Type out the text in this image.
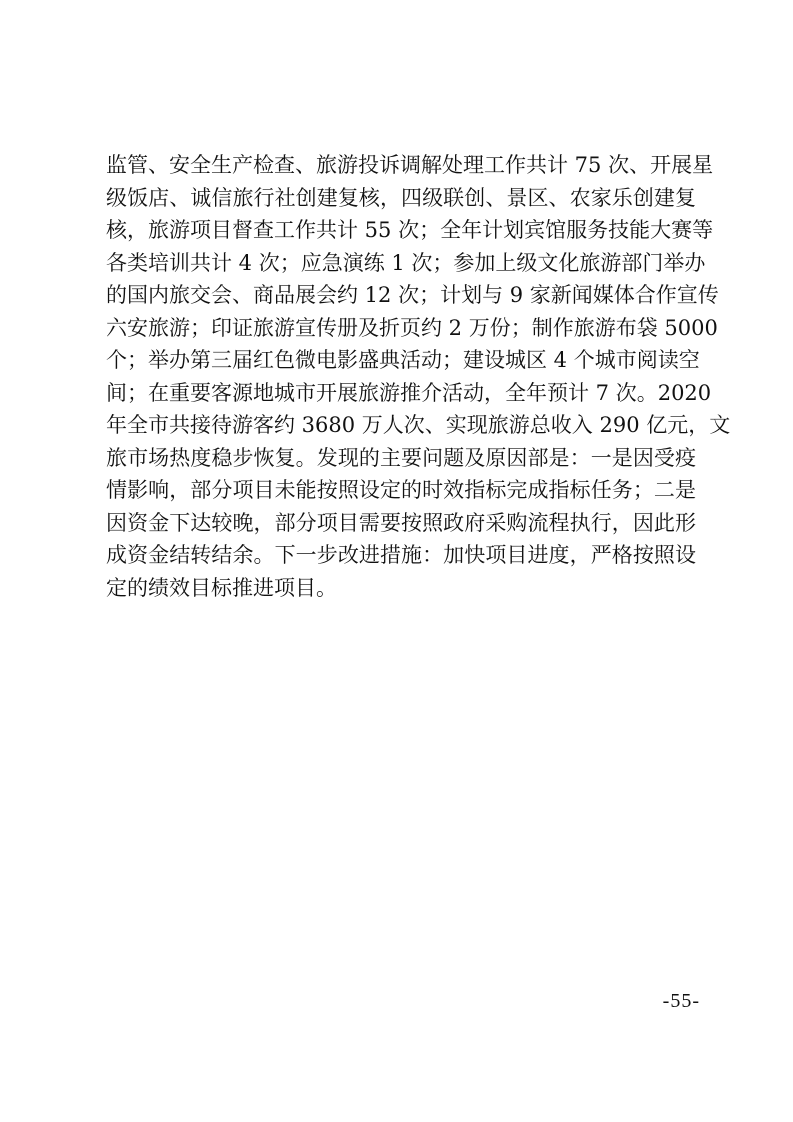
监管、安全生产检查、旅游投诉调解处理工作共计 75 次、开展星
级饭店、诚信旅行社创建复核，四级联创、景区、农家乐创建复
核，旅游项目督查工作共计 55 次；全年计划宾馆服务技能大赛等
各类培训共计 4 次；应急演练 1 次；参加上级文化旅游部门举办
的国内旅交会、商品展会约 12 次；计划与 9 家新闻媒体合作宣传
六安旅游；印证旅游宣传册及折页约 2 万份；制作旅游布袋 5000
个；举办第三届红色微电影盛典活动；建设城区 4 个城市阅读空
间；在重要客源地城市开展旅游推介活动，全年预计 7 次。2020
年全市共接待游客约 3680 万人次、实现旅游总收入 290 亿元，文
旅市场热度稳步恢复。发现的主要问题及原因部是：一是因受疫
情影响，部分项目未能按照设定的时效指标完成指标任务；二是
因资金下达较晚，部分项目需要按照政府采购流程执行，因此形
成资金结转结余。下一步改进措施：加快项目进度，严格按照设
定的绩效目标推进项目。
-55-
